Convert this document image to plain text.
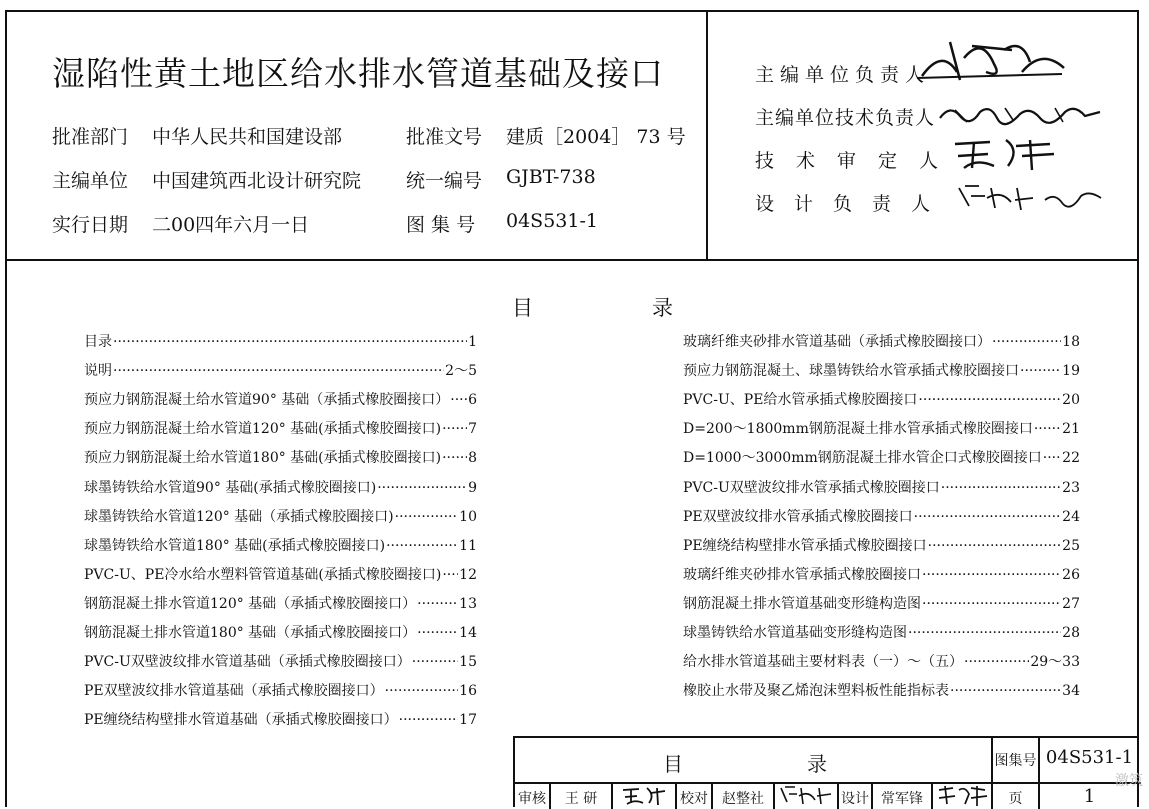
湿陷性黄土地区给水排水管道基础及接口
批准部门 中华人民共和国建设部	批准文号 建质［2004］ 73 号
主编单位 中国建筑西北设计研究院 统一编号 GJBT-738
实行日期 二00四年六月一日	图 集 号 04S531-1
主编单位负责人
主编单位技术负责人
技术审定人
设计负责人
目	录
目录 ·····	1
说明 ·····	2～5
预应力钢筋混凝土给水管道90° 基础（承插式橡胶圈接口） ····· 6
预应力钢筋混凝土给水管道120° 基础(承插式橡胶圈接口) ····· 7
预应力钢筋混凝土给水管道180° 基础(承插式橡胶圈接口) ····· 8
球墨铸铁给水管道90° 基础(承插式橡胶圈接口) ·····	9
球墨铸铁给水管道120° 基础（承插式橡胶圈接口) ·····	10
球墨铸铁给水管道180° 基础(承插式橡胶圈接口) ·····	11
PVC-U、PE冷水给水塑料管管道基础(承插式橡胶圈接口) ····· 12
钢筋混凝土排水管道120° 基础（承插式橡胶圈接口） ·····	13
钢筋混凝土排水管道180° 基础（承插式橡胶圈接口） ·····	14
PVC-U双壁波纹排水管道基础（承插式橡胶圈接口） ·····	15
PE双壁波纹排水管道基础（承插式橡胶圈接口） ·····	16
PE缠绕结构壁排水管道基础（承插式橡胶圈接口） ·····	17
玻璃纤维夹砂排水管道基础（承插式橡胶圈接口） ·····	18
预应力钢筋混凝土、球墨铸铁给水管承插式橡胶圈接口 ·····	19
PVC-U、PE给水管承插式橡胶圈接口 ·····	20
D=200～1800mm钢筋混凝土排水管承插式橡胶圈接口 ····· 21
D=1000～3000mm钢筋混凝土排水管企口式橡胶圈接口 ····· 22
PVC-U双壁波纹排水管承插式橡胶圈接口 ·····	23
PE双壁波纹排水管承插式橡胶圈接口 ·····	24
PE缠绕结构壁排水管承插式橡胶圈接口 ·····	25
玻璃纤维夹砂排水管承插式橡胶圈接口 ·····	26
钢筋混凝土排水管道基础变形缝构造图 ·····	27
球墨铸铁给水管道基础变形缝构造图 ·····	28
给水排水管道基础主要材料表（一）～（五） ·····	29～33
橡胶止水带及聚乙烯泡沫塑料板性能指标表 ·····	34
目	录	图集号 04S531-1
审核	王 研	校对	赵整社	设计 常军锋	页	1
激筑
